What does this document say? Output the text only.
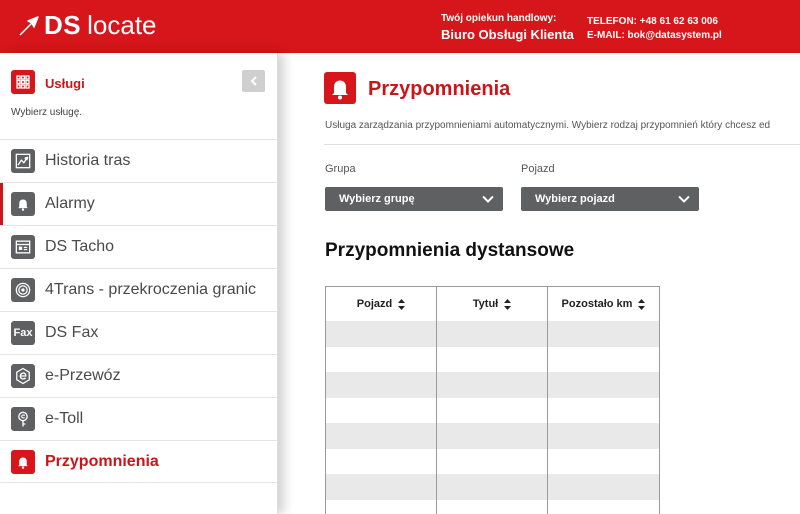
DS locate	Twój opiekun handlowy:
Biuro Obsługi Klienta
TELEFON: +48 61 62 63 006
E-MAIL: bok@datasystem.pl
Usługi
Wybierz usługę.
Historia tras
Alarmy
DS Tacho
4Trans - przekroczenia granic
Fax DS Fax
e-Przewóz
e-Toll
Przypomnienia
Przypomnienia
Usługa zarządzania przypomnieniami automatycznymi. Wybierz rodzaj przypomnień który chcesz ed
Grupa
Wybierz grupę
Pojazd
Wybierz pojazd
Przypomnienia dystansowe
Pojazd	Tytuł	Pozostało km
